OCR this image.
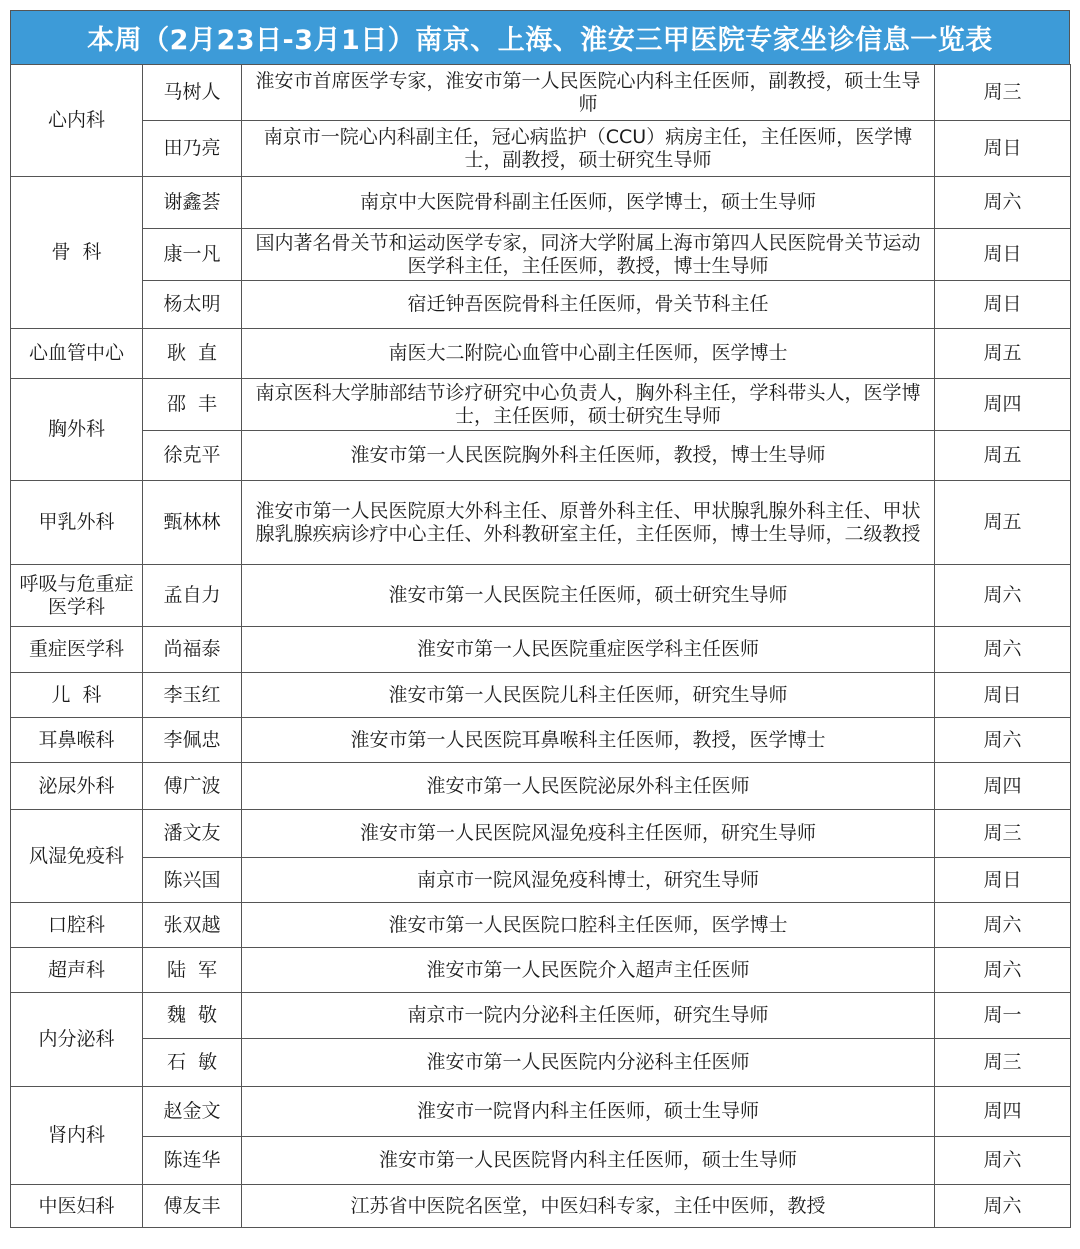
本周（2月23日-3月1日）南京、上海、淮安三甲医院专家坐诊信息一览表
心内科	马树人	淮安市首席医学专家，淮安市第一人民医院心内科主任医师，副教授，硕士生导师	周三
	田乃亮	南京市一院心内科副主任，冠心病监护（CCU）病房主任，主任医师，医学博士，副教授，硕士研究生导师	周日
骨  科	谢鑫荟	南京中大医院骨科副主任医师，医学博士，硕士生导师	周六
	康一凡	国内著名骨关节和运动医学专家，同济大学附属上海市第四人民医院骨关节运动医学科主任，主任医师，教授，博士生导师	周日
	杨太明	宿迁钟吾医院骨科主任医师，骨关节科主任	周日
心血管中心	耿  直	南医大二附院心血管中心副主任医师，医学博士	周五
胸外科	邵  丰	南京医科大学肺部结节诊疗研究中心负责人，胸外科主任，学科带头人，医学博士，主任医师，硕士研究生导师	周四
	徐克平	淮安市第一人民医院胸外科主任医师，教授，博士生导师	周五
甲乳外科	甄林林	淮安市第一人民医院原大外科主任、原普外科主任、甲状腺乳腺外科主任、甲状腺乳腺疾病诊疗中心主任、外科教研室主任，主任医师，博士生导师，二级教授	周五
呼吸与危重症医学科	孟自力	淮安市第一人民医院主任医师，硕士研究生导师	周六
重症医学科	尚福泰	淮安市第一人民医院重症医学科主任医师	周六
儿  科	李玉红	淮安市第一人民医院儿科主任医师，研究生导师	周日
耳鼻喉科	李佩忠	淮安市第一人民医院耳鼻喉科主任医师，教授，医学博士	周六
泌尿外科	傅广波	淮安市第一人民医院泌尿外科主任医师	周四
风湿免疫科	潘文友	淮安市第一人民医院风湿免疫科主任医师，研究生导师	周三
	陈兴国	南京市一院风湿免疫科博士，研究生导师	周日
口腔科	张双越	淮安市第一人民医院口腔科主任医师，医学博士	周六
超声科	陆  军	淮安市第一人民医院介入超声主任医师	周六
内分泌科	魏  敬	南京市一院内分泌科主任医师，研究生导师	周一
	石  敏	淮安市第一人民医院内分泌科主任医师	周三
肾内科	赵金文	淮安市一院肾内科主任医师，硕士生导师	周四
	陈连华	淮安市第一人民医院肾内科主任医师，硕士生导师	周六
中医妇科	傅友丰	江苏省中医院名医堂，中医妇科专家，主任中医师，教授	周六
